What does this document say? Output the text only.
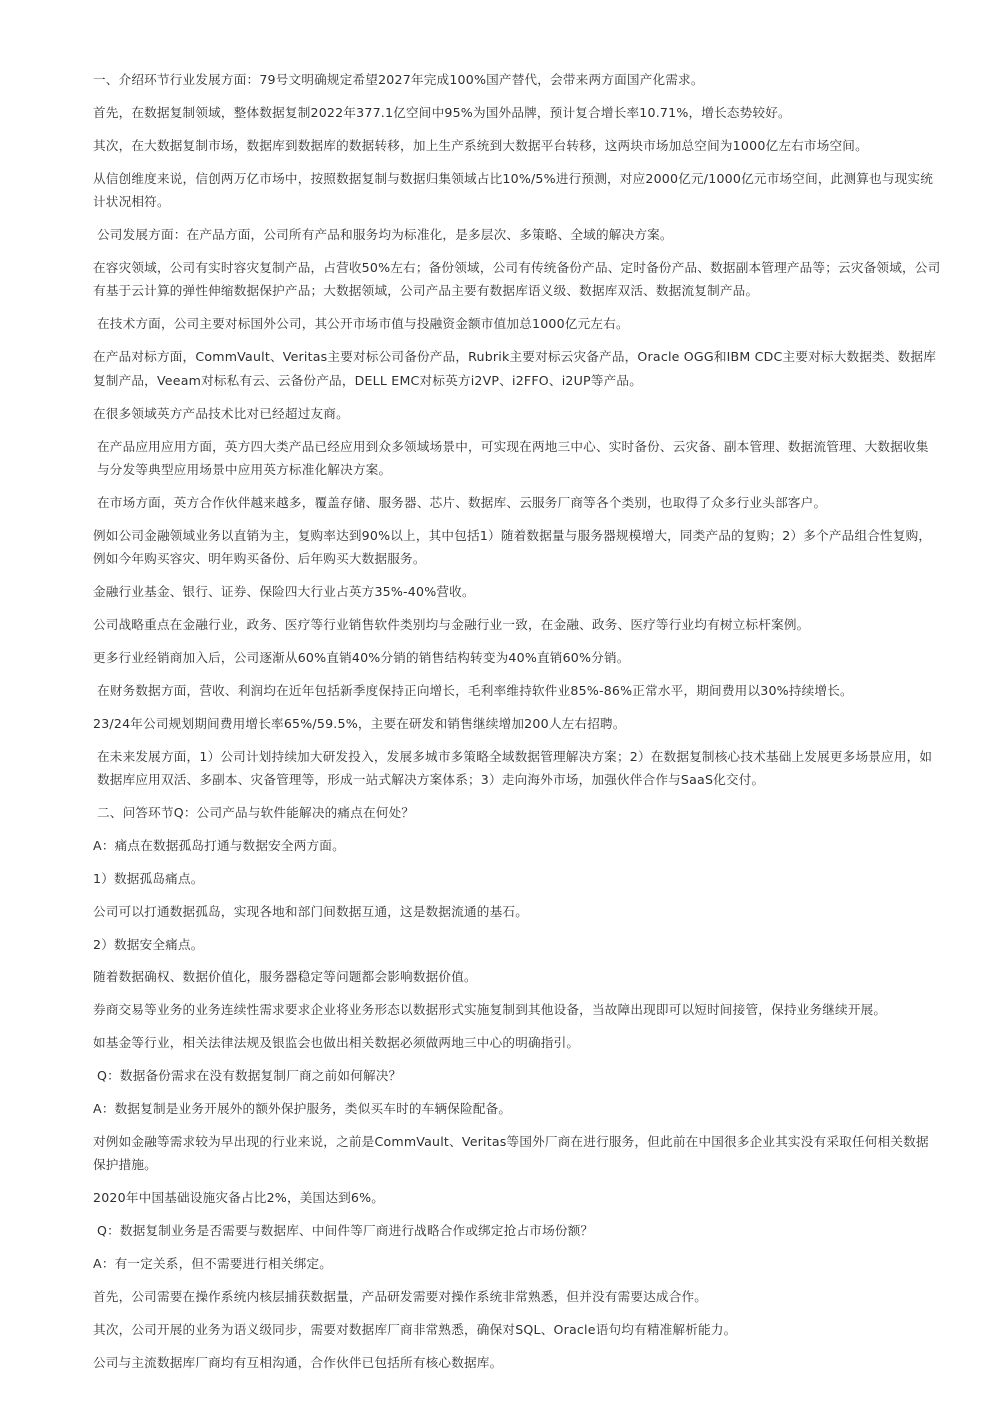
一、介绍环节行业发展方面：79号文明确规定希望2027年完成100%国产替代，会带来两方面国产化需求。

首先，在数据复制领域，整体数据复制2022年377.1亿空间中95%为国外品牌，预计复合增长率10.71%，增长态势较好。

其次，在大数据复制市场，数据库到数据库的数据转移，加上生产系统到大数据平台转移，这两块市场加总空间为1000亿左右市场空间。

从信创维度来说，信创两万亿市场中，按照数据复制与数据归集领域占比10%/5%进行预测，对应2000亿元/1000亿元市场空间，此测算也与现实统计状况相符。

公司发展方面：在产品方面，公司所有产品和服务均为标准化，是多层次、多策略、全域的解决方案。

在容灾领域，公司有实时容灾复制产品，占营收50%左右；备份领域，公司有传统备份产品、定时备份产品、数据副本管理产品等；云灾备领域，公司有基于云计算的弹性伸缩数据保护产品；大数据领域，公司产品主要有数据库语义级、数据库双活、数据流复制产品。

在技术方面，公司主要对标国外公司，其公开市场市值与投融资金额市值加总1000亿元左右。

在产品对标方面，CommVault、Veritas主要对标公司备份产品，Rubrik主要对标云灾备产品，Oracle OGG和IBM CDC主要对标大数据类、数据库复制产品，Veeam对标私有云、云备份产品，DELL EMC对标英方i2VP、i2FFO、i2UP等产品。

在很多领域英方产品技术比对已经超过友商。

在产品应用应用方面，英方四大类产品已经应用到众多领域场景中，可实现在两地三中心、实时备份、云灾备、副本管理、数据流管理、大数据收集与分发等典型应用场景中应用英方标准化解决方案。

在市场方面，英方合作伙伴越来越多，覆盖存储、服务器、芯片、数据库、云服务厂商等各个类别，也取得了众多行业头部客户。

例如公司金融领域业务以直销为主，复购率达到90%以上，其中包括1）随着数据量与服务器规模增大，同类产品的复购；2）多个产品组合性复购，例如今年购买容灾、明年购买备份、后年购买大数据服务。

金融行业基金、银行、证券、保险四大行业占英方35%-40%营收。

公司战略重点在金融行业，政务、医疗等行业销售软件类别均与金融行业一致，在金融、政务、医疗等行业均有树立标杆案例。

更多行业经销商加入后，公司逐渐从60%直销40%分销的销售结构转变为40%直销60%分销。

在财务数据方面，营收、利润均在近年包括新季度保持正向增长，毛利率维持软件业85%-86%正常水平，期间费用以30%持续增长。

23/24年公司规划期间费用增长率65%/59.5%，主要在研发和销售继续增加200人左右招聘。

在未来发展方面，1）公司计划持续加大研发投入，发展多城市多策略全域数据管理解决方案；2）在数据复制核心技术基础上发展更多场景应用，如数据库应用双活、多副本、灾备管理等，形成一站式解决方案体系；3）走向海外市场，加强伙伴合作与SaaS化交付。

二、问答环节Q：公司产品与软件能解决的痛点在何处？

A：痛点在数据孤岛打通与数据安全两方面。

1）数据孤岛痛点。

公司可以打通数据孤岛，实现各地和部门间数据互通，这是数据流通的基石。

2）数据安全痛点。

随着数据确权、数据价值化，服务器稳定等问题都会影响数据价值。

券商交易等业务的业务连续性需求要求企业将业务形态以数据形式实施复制到其他设备，当故障出现即可以短时间接管，保持业务继续开展。

如基金等行业，相关法律法规及银监会也做出相关数据必须做两地三中心的明确指引。

Q：数据备份需求在没有数据复制厂商之前如何解决？

A：数据复制是业务开展外的额外保护服务，类似买车时的车辆保险配备。

对例如金融等需求较为早出现的行业来说，之前是CommVault、Veritas等国外厂商在进行服务，但此前在中国很多企业其实没有采取任何相关数据保护措施。

2020年中国基础设施灾备占比2%，美国达到6%。

Q：数据复制业务是否需要与数据库、中间件等厂商进行战略合作或绑定抢占市场份额？

A：有一定关系，但不需要进行相关绑定。

首先，公司需要在操作系统内核层捕获数据量，产品研发需要对操作系统非常熟悉，但并没有需要达成合作。

其次，公司开展的业务为语义级同步，需要对数据库厂商非常熟悉，确保对SQL、Oracle语句均有精准解析能力。

公司与主流数据库厂商均有互相沟通，合作伙伴已包括所有核心数据库。
